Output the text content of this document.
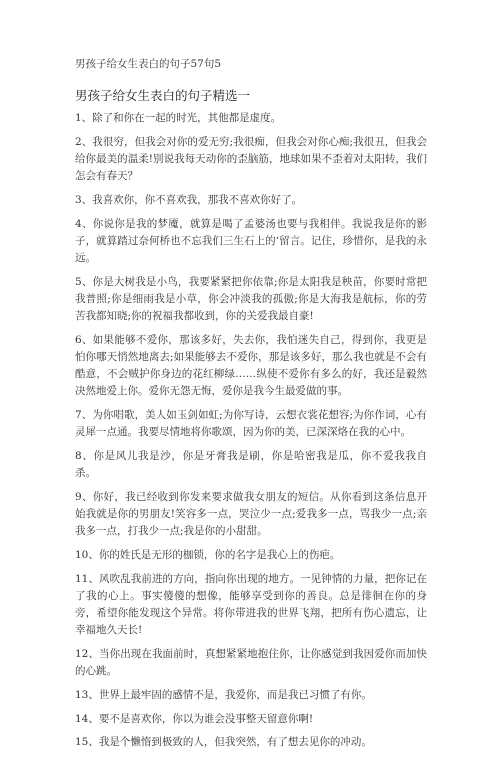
男孩子给女生表白的句子57句5
男孩子给女生表白的句子精选一
1、除了和你在一起的时光，其他都是虚度。
2、我很穷，但我会对你的爱无穷;我很痴，但我会对你心痴;我很丑，但我会给你最美的温柔!别说我每天动你的歪脑筋，地球如果不歪着对太阳转，我们怎会有春天？
3、我喜欢你，你不喜欢我，那我不喜欢你好了。
4、你说你是我的梦魇，就算是喝了孟婆汤也要与我相伴。我说我是你的影子，就算踏过奈何桥也不忘我们三生石上的‘留言。记住，珍惜你，是我的永远。
5、你是大树我是小鸟，我要紧紧把你依靠;你是太阳我是秧苗，你要时常把我普照;你是细雨我是小草，你会冲淡我的孤傲;你是大海我是航标，你的劳苦我都知晓;你的祝福我都收到，你的关爱我最自豪!
6、如果能够不爱你，那该多好，失去你，我怕迷失自己，得到你，我更是怕你哪天悄然地离去;如果能够去不爱你，那是该多好，那么我也就是不会有酷意，不会贼护你身边的花红柳绿……纵使不爱你有多么的好，我还是毅然决然地爱上你。爱你无怨无悔，爱你是我今生最爱做的事。
7、为你唱歌，美人如玉剑如虹;为你写诗，云想衣裳花想容;为你作词，心有灵犀一点通。我要尽情地将你歌颂，因为你的美，已深深烙在我的心中。
8、你是风儿我是沙，你是牙膏我是刷，你是哈密我是瓜，你不爱我我自杀。
9、你好，我已经收到你发来要求做我女朋友的短信。从你看到这条信息开始我就是你的男朋友!笑容多一点，哭泣少一点;爱我多一点，骂我少一点;亲我多一点，打我少一点;我是你的小甜甜。
10、你的姓氏是无形的枷锁，你的名字是我心上的伤疤。
11、风吹乱我前进的方向，指向你出现的地方。一见钟情的力量，把你记在了我的心上。事实傻傻的想像，能够享受到你的善良。总是徘徊在你的身旁，希望你能发现这个异常。将你带进我的世界飞翔，把所有伤心遗忘，让幸福地久天长!
12、当你出现在我面前时，真想紧紧地抱住你，让你感觉到我因爱你而加快的心跳。
13、世界上最牢固的感情不是，我爱你，而是我已习惯了有你。
14、要不是喜欢你，你以为谁会没事整天留意你啊!
15、我是个懒惰到极致的人，但我突然，有了想去见你的冲动。
